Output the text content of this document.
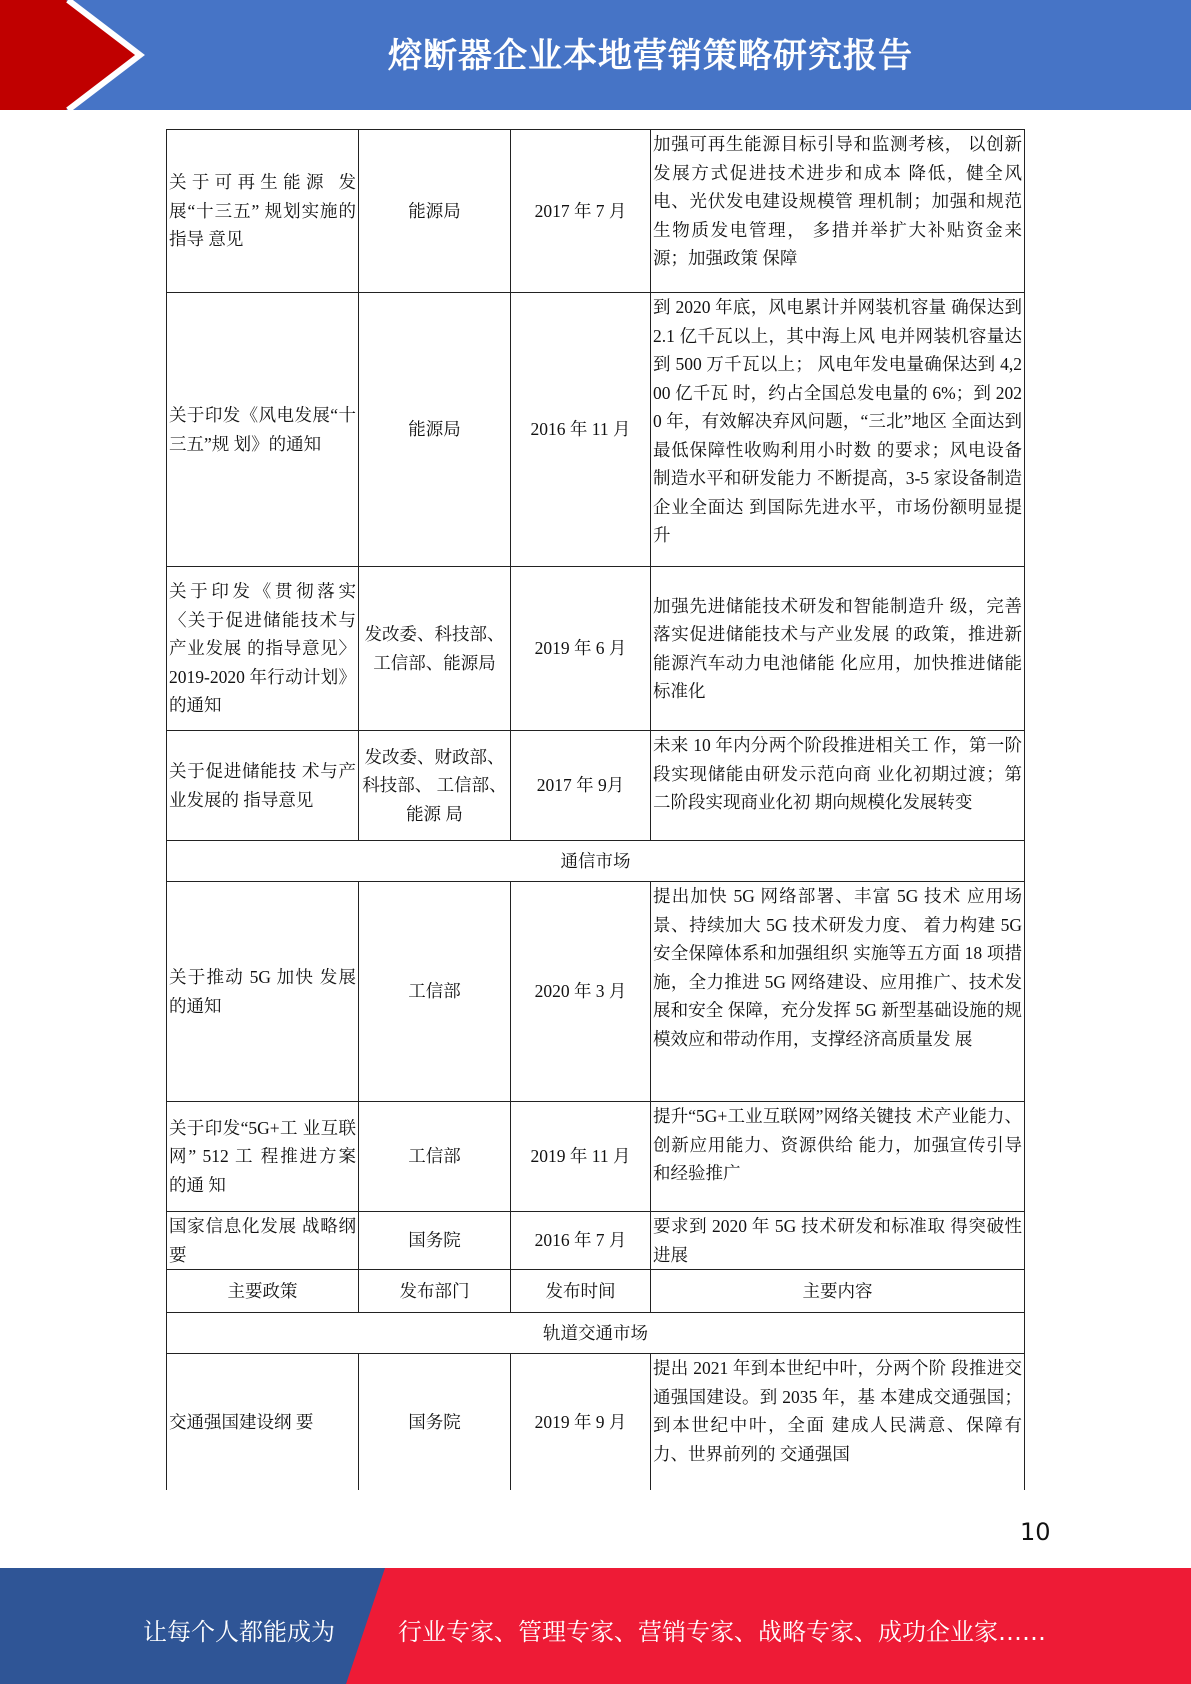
熔断器企业本地营销策略研究报告
关于可再生能源 发展“十三五” 规划实施的指导 意见	能源局	2017 年 7 月	加强可再生能源目标引导和监测考核， 以创新发展方式促进技术进步和成本 降低，健全风电、光伏发电建设规模管 理机制；加强和规范生物质发电管理， 多措并举扩大补贴资金来源；加强政策 保障
关于印发《风电发展“十三五”规 划》的通知	能源局	2016 年 11 月	到 2020 年底，风电累计并网装机容量 确保达到 2.1 亿千瓦以上，其中海上风 电并网装机容量达到 500 万千瓦以上； 风电年发电量确保达到 4,200 亿千瓦 时，约占全国总发电量的 6%；到 2020 年，有效解决弃风问题，“三北”地区 全面达到最低保障性收购利用小时数 的要求；风电设备制造水平和研发能力 不断提高，3-5 家设备制造企业全面达 到国际先进水平，市场份额明显提升
关于印发《贯彻落实〈关于促进储能技术与产业发展 的指导意见〉2019-2020 年行动计划》的通知	发改委、科技部、工信部、能源局	2019 年 6 月	加强先进储能技术研发和智能制造升 级，完善落实促进储能技术与产业发展 的政策，推进新能源汽车动力电池储能 化应用，加快推进储能标准化
关于促进储能技 术与产业发展的 指导意见	发改委、财政部、科技部、 工信部、能源 局	2017 年 9月	未来 10 年内分两个阶段推进相关工 作，第一阶段实现储能由研发示范向商 业化初期过渡；第二阶段实现商业化初 期向规模化发展转变
通信市场			
关于推动 5G 加快 发展的通知	工信部	2020 年 3 月	提出加快 5G 网络部署、丰富 5G 技术 应用场景、持续加大 5G 技术研发力度、 着力构建 5G 安全保障体系和加强组织 实施等五方面 18 项措施，全力推进 5G 网络建设、应用推广、技术发展和安全 保障，充分发挥 5G 新型基础设施的规 模效应和带动作用，支撑经济高质量发 展
关于印发“5G+工 业互联网” 512 工 程推进方案的通 知	工信部	2019 年 11 月	提升“5G+工业互联网”网络关键技 术产业能力、创新应用能力、资源供给 能力，加强宣传引导和经验推广
国家信息化发展 战略纲要	国务院	2016 年 7 月	要求到 2020 年 5G 技术研发和标准取 得突破性进展
主要政策	发布部门	发布时间	主要内容
轨道交通市场			
交通强国建设纲 要	国务院	2019 年 9 月	提出 2021 年到本世纪中叶，分两个阶 段推进交通强国建设。到 2035 年，基 本建成交通强国；到本世纪中叶，全面 建成人民满意、保障有力、世界前列的 交通强国
10
让每个人都能成为	行业专家、管理专家、营销专家、战略专家、成功企业家……
